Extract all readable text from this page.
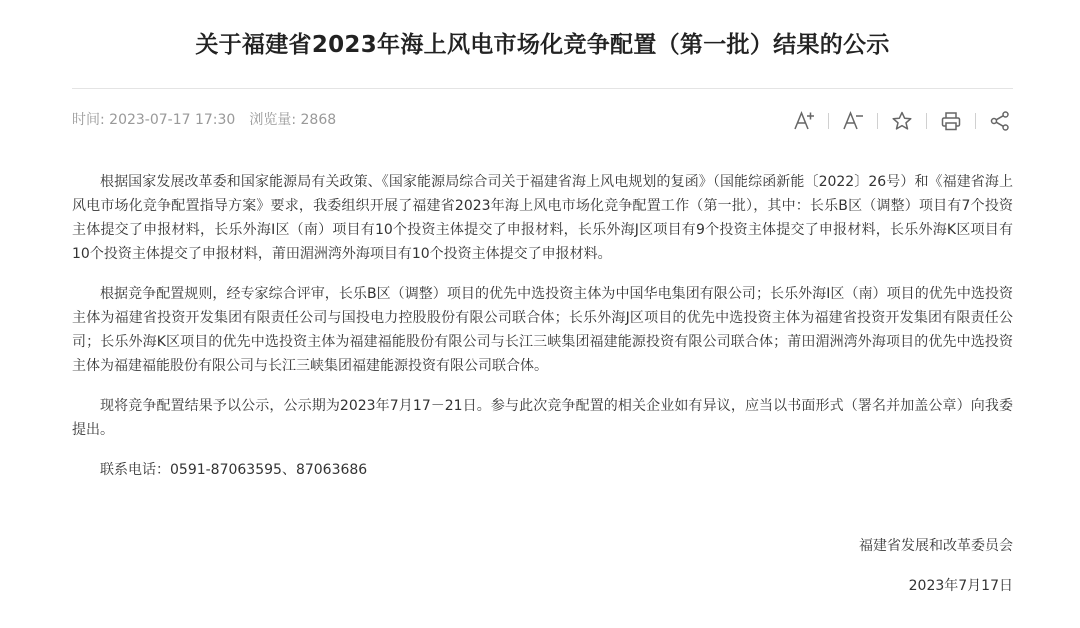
关于福建省2023年海上风电市场化竞争配置（第一批）结果的公示
时间: 2023-07-17 17:30 浏览量: 2868

根据国家发展改革委和国家能源局有关政策、《国家能源局综合司关于福建省海上风电规划的复函》（国能综函新能〔2022〕26号）和《福建省海上风电市场化竞争配置指导方案》要求，我委组织开展了福建省2023年海上风电市场化竞争配置工作（第一批），其中：长乐B区（调整）项目有7个投资主体提交了申报材料，长乐外海I区（南）项目有10个投资主体提交了申报材料，长乐外海J区项目有9个投资主体提交了申报材料，长乐外海K区项目有10个投资主体提交了申报材料，莆田湄洲湾外海项目有10个投资主体提交了申报材料。

根据竞争配置规则，经专家综合评审，长乐B区（调整）项目的优先中选投资主体为中国华电集团有限公司；长乐外海I区（南）项目的优先中选投资主体为福建省投资开发集团有限责任公司与国投电力控股股份有限公司联合体；长乐外海J区项目的优先中选投资主体为福建省投资开发集团有限责任公司；长乐外海K区项目的优先中选投资主体为福建福能股份有限公司与长江三峡集团福建能源投资有限公司联合体；莆田湄洲湾外海项目的优先中选投资主体为福建福能股份有限公司与长江三峡集团福建能源投资有限公司联合体。

现将竞争配置结果予以公示，公示期为2023年7月17－21日。参与此次竞争配置的相关企业如有异议，应当以书面形式（署名并加盖公章）向我委提出。

联系电话：0591-87063595、87063686

福建省发展和改革委员会
2023年7月17日
